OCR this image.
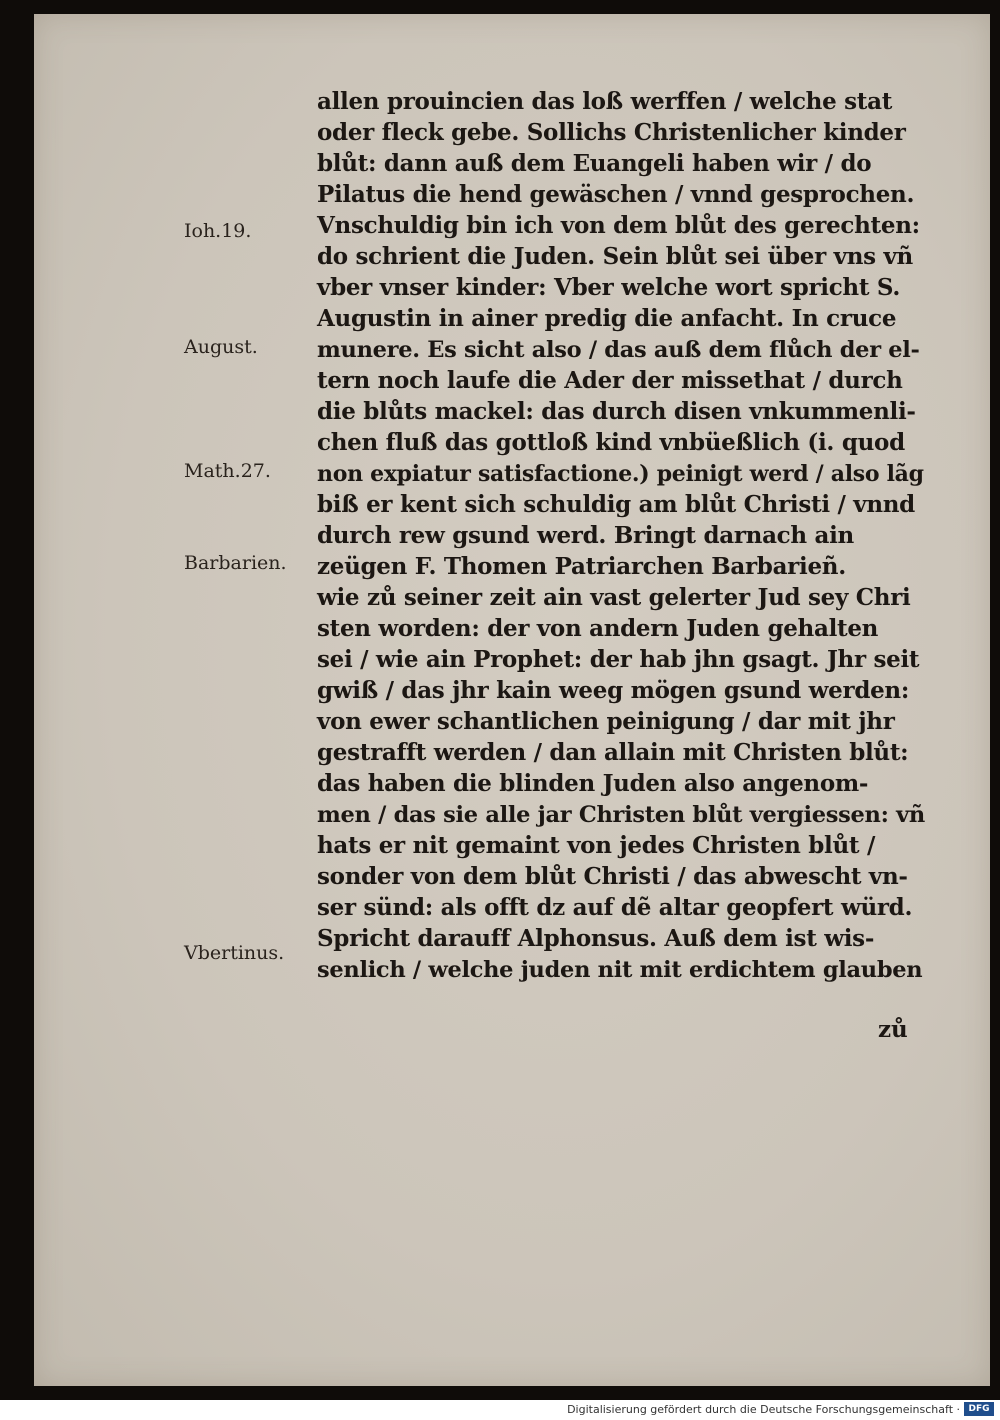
Ioh.19.
August.
Math.27.
Barbarien.
Vbertinus.
allen prouincien das loß werffen / welche stat
oder fleck gebe. Sollichs Christenlicher kinder
blůt: dann auß dem Euangeli haben wir / do
Pilatus die hend gewäschen / vnnd gesprochen.
Vnschuldig bin ich von dem blůt des gerechten:
do schrient die Juden. Sein blůt sei über vns vñ
vber vnser kinder: Vber welche wort spricht S.
Augustin in ainer predig die anfacht. In cruce
munere. Es sicht also / das auß dem flůch der el-
tern noch laufe die Ader der missethat / durch
die blůts mackel: das durch disen vnkummenli-
chen fluß das gottloß kind vnbüeßlich (i. quod
non expiatur satisfactione.) peinigt werd / also lãg
biß er kent sich schuldig am blůt Christi / vnnd
durch rew gsund werd. Bringt darnach ain
zeügen F. Thomen Patriarchen Barbarieñ.
wie zů seiner zeit ain vast gelerter Jud sey Chri
sten worden: der von andern Juden gehalten
sei / wie ain Prophet: der hab jhn gsagt. Jhr seit
gwiß / das jhr kain weeg mögen gsund werden:
von ewer schantlichen peinigung / dar mit jhr
gestrafft werden / dan allain mit Christen blůt:
das haben die blinden Juden also angenom-
men / das sie alle jar Christen blůt vergiessen: vñ
hats er nit gemaint von jedes Christen blůt /
sonder von dem blůt Christi / das abwescht vn-
ser sünd: als offt dz auf dẽ altar geopfert würd.
Spricht darauff Alphonsus. Auß dem ist wis-
senlich / welche juden nit mit erdichtem glauben
zů
Digitalisierung gefördert durch die Deutsche Forschungsgemeinschaft · DFG
